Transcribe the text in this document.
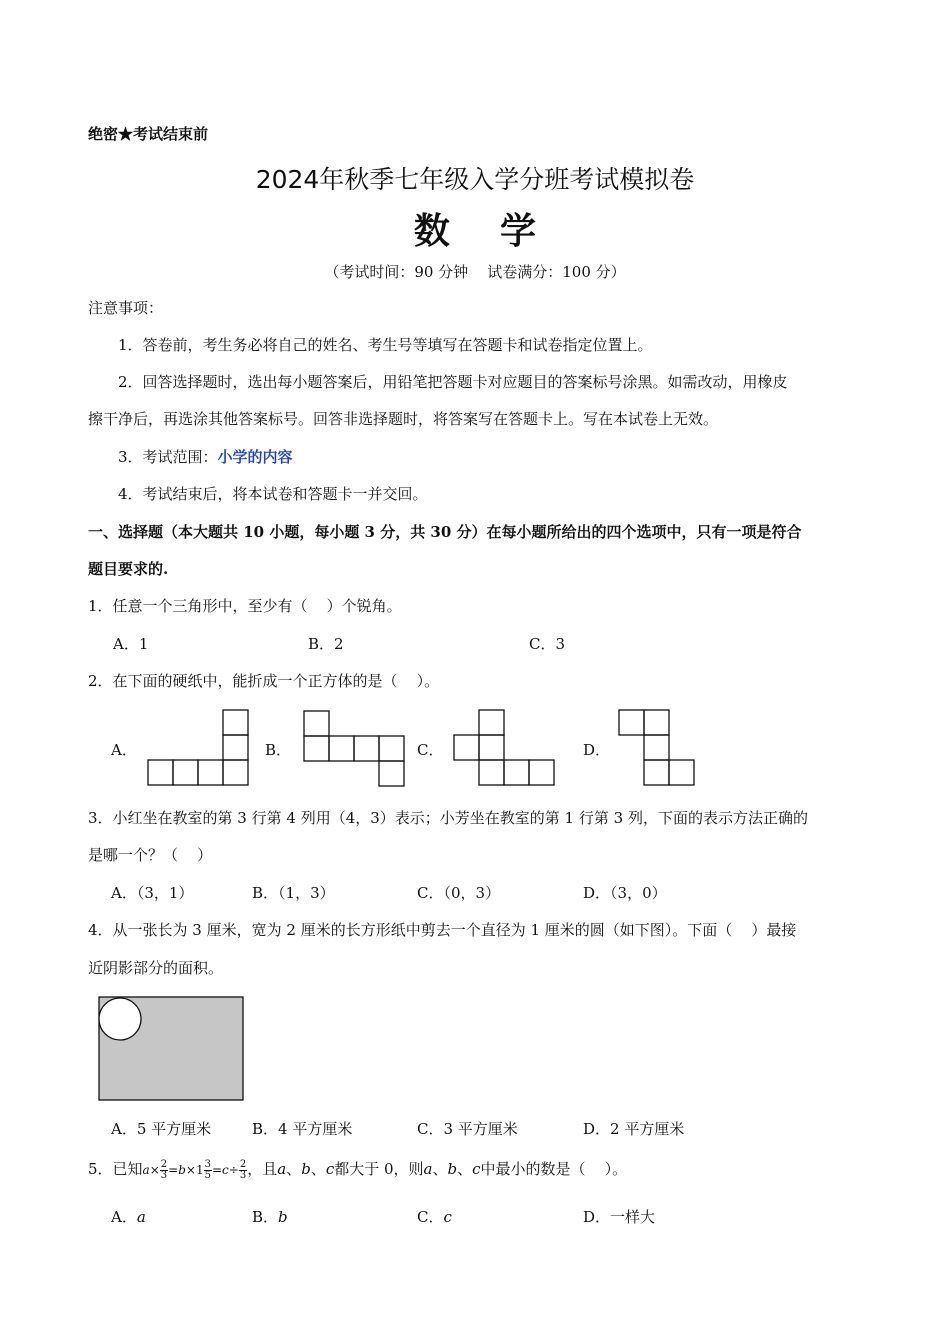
绝密★考试结束前
2024年秋季七年级入学分班考试模拟卷
数    学
（考试时间：90 分钟    试卷满分：100 分）
注意事项：
1．答卷前，考生务必将自己的姓名、考生号等填写在答题卡和试卷指定位置上。
2．回答选择题时，选出每小题答案后，用铅笔把答题卡对应题目的答案标号涂黑。如需改动，用橡皮
擦干净后，再选涂其他答案标号。回答非选择题时，将答案写在答题卡上。写在本试卷上无效。
3．考试范围：小学的内容
4．考试结束后，将本试卷和答题卡一并交回。
一、选择题（本大题共 10 小题，每小题 3 分，共 30 分）在每小题所给出的四个选项中，只有一项是符合
题目要求的.
1．任意一个三角形中，至少有（    ）个锐角。
A．1	B．2	C．3
2．在下面的硬纸中，能折成一个正方体的是（    ）。
A．	B．	C．	D．
3．小红坐在教室的第 3 行第 4 列用（4，3）表示；小芳坐在教室的第 1 行第 3 列，下面的表示方法正确的
是哪一个？（    ）
A．（3，1）	B．（1，3）	C．（0，3）	D．（3，0）
4．从一张长为 3 厘米，宽为 2 厘米的长方形纸中剪去一个直径为 1 厘米的圆（如下图）。下面（    ）最接
近阴影部分的面积。
A．5 平方厘米	B．4 平方厘米	C．3 平方厘米	D．2 平方厘米
5．已知$a\times \frac{2}{3} =b\times 1 \frac{3}{5} =c\div \frac{2}{3}$ ，且a、b、c都大于 0，则a、b、c中最小的数是（    ）。
A．a	B．b	C．c	D．一样大
